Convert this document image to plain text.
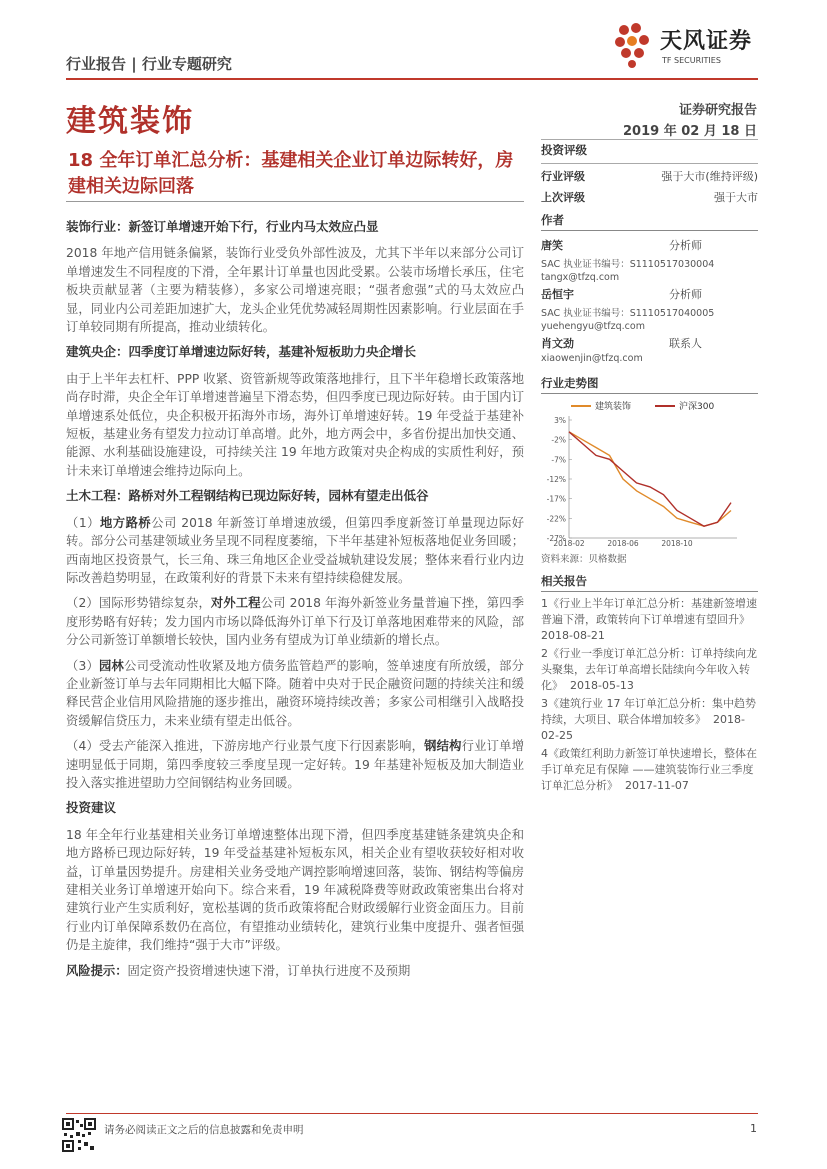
行业报告 | 行业专题研究
天风证券
TF SECURITIES
建筑装饰	证券研究报告
2019 年 02 月 18 日
18 全年订单汇总分析：基建相关企业订单边际转好，房建相关边际回落
装饰行业：新签订单增速开始下行，行业内马太效应凸显

2018 年地产信用链条偏紧，装饰行业受负外部性波及，尤其下半年以来部分公司订单增速发生不同程度的下滑，全年累计订单量也因此受累。公装市场增长承压，住宅板块贡献显著（主要为精装修），多家公司增速亮眼；“强者愈强”式的马太效应凸显，同业内公司差距加速扩大，龙头企业凭优势减轻周期性因素影响。行业层面在手订单较同期有所提高，推动业绩转化。

建筑央企：四季度订单增速边际好转，基建补短板助力央企增长

由于上半年去杠杆、PPP 收紧、资管新规等政策落地排行，且下半年稳增长政策落地尚存时滞，央企全年订单增速普遍呈下滑态势，但四季度已现边际好转。由于国内订单增速系处低位，央企积极开拓海外市场，海外订单增速好转。19 年受益于基建补短板，基建业务有望发力拉动订单高增。此外，地方两会中，多省份提出加快交通、能源、水利基础设施建设，可持续关注 19 年地方政策对央企构成的实质性利好，预计未来订单增速会维持边际向上。

土木工程：路桥对外工程钢结构已现边际好转，园林有望走出低谷

（1）地方路桥公司 2018 年新签订单增速放缓，但第四季度新签订单量现边际好转。部分公司基建领域业务呈现不同程度萎缩，下半年基建补短板落地促业务回暖；西南地区投资景气，长三角、珠三角地区企业受益城轨建设发展；整体来看行业内边际改善趋势明显，在政策利好的背景下未来有望持续稳健发展。

（2）国际形势错综复杂，对外工程公司 2018 年海外新签业务量普遍下挫，第四季度形势略有好转；发力国内市场以降低海外订单下行及订单落地困难带来的风险，部分公司新签订单额增长较快，国内业务有望成为订单业绩新的增长点。

（3）园林公司受流动性收紧及地方债务监管趋严的影响，签单速度有所放缓，部分企业新签订单与去年同期相比大幅下降。随着中央对于民企融资问题的持续关注和缓释民营企业信用风险措施的逐步推出，融资环境持续改善；多家公司相继引入战略投资缓解信贷压力，未来业绩有望走出低谷。

（4）受去产能深入推进，下游房地产行业景气度下行因素影响，钢结构行业订单增速明显低于同期，第四季度较三季度呈现一定好转。19 年基建补短板及加大制造业投入落实推进望助力空间钢结构业务回暖。

投资建议

18 年全年行业基建相关业务订单增速整体出现下滑，但四季度基建链条建筑央企和地方路桥已现边际好转，19 年受益基建补短板东风，相关企业有望收获较好相对收益，订单量因势提升。房建相关业务受地产调控影响增速回落，装饰、钢结构等偏房建相关业务订单增速开始向下。综合来看，19 年减税降费等财政政策密集出台将对建筑行业产生实质利好，宽松基调的货币政策将配合财政缓解行业资金面压力。目前行业内订单保障系数仍在高位，有望推动业绩转化，建筑行业集中度提升、强者恒强仍是主旋律，我们维持“强于大市”评级。

风险提示：固定资产投资增速快速下滑，订单执行进度不及预期

投资评级
行业评级	强于大市(维持评级)
上次评级	强于大市
作者
唐笑	分析师
SAC 执业证书编号：S1110517030004
tangx@tfzq.com
岳恒宇	分析师
SAC 执业证书编号：S1110517040005
yuehengyu@tfzq.com
肖文劲	联系人
xiaowenjin@tfzq.com
行业走势图
建筑装饰	沪深300
3%
-2%
-7%
-12%
-17%
-22%
-27%
2018-02	2018-06	2018-10
资料来源：贝格数据
相关报告
1《行业上半年订单汇总分析：基建新签增速普遍下滑，政策转向下订单增速有望回升》  2018-08-21
2《行业一季度订单汇总分析：订单持续向龙头聚集，去年订单高增长陆续向今年收入转化》 2018-05-13
3《建筑行业 17 年订单汇总分析：集中趋势持续，大项目、联合体增加较多》 2018-02-25
4《政策红利助力新签订单快速增长，整体在手订单充足有保障 ——建筑装饰行业三季度订单汇总分析》 2017-11-07
请务必阅读正文之后的信息披露和免责申明	1
